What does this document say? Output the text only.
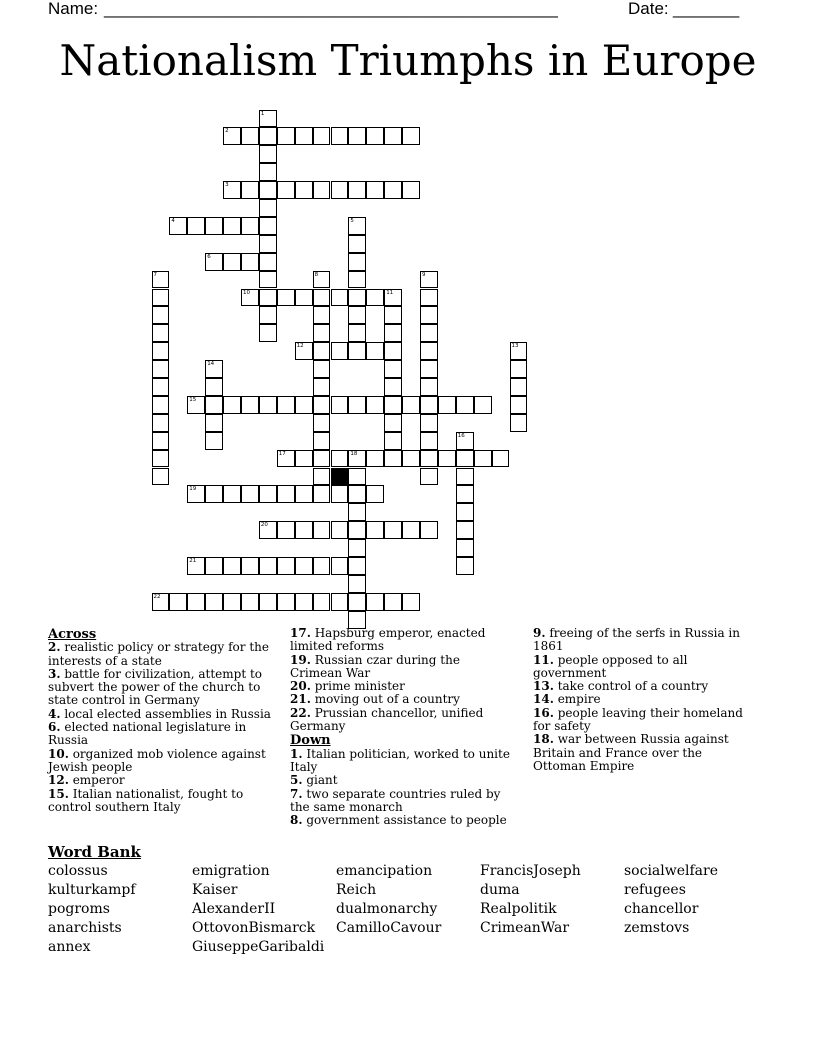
Name: ________________________________________________	Date: _______
Nationalism Triumphs in Europe
1
2
3
4	5
6
7	8	9
10	11
12	13
14
15
16
17	18
19
20
21
22
Across
2. realistic policy or strategy for the interests of a state
3. battle for civilization, attempt to subvert the power of the church to state control in Germany
4. local elected assemblies in Russia
6. elected national legislature in Russia
10. organized mob violence against Jewish people
12. emperor
15. Italian nationalist, fought to control southern Italy
17. Hapsburg emperor, enacted limited reforms
19. Russian czar during the Crimean War
20. prime minister
21. moving out of a country
22. Prussian chancellor, unified Germany
Down
1. Italian politician, worked to unite Italy
5. giant
7. two separate countries ruled by the same monarch
8. government assistance to people
9. freeing of the serfs in Russia in 1861
11. people opposed to all government
13. take control of a country
14. empire
16. people leaving their homeland for safety
18. war between Russia against Britain and France over the Ottoman Empire
Word Bank
colossus
kulturkampf
pogroms
anarchists
annex
emigration
Kaiser
AlexanderII
OttovonBismarck
GiuseppeGaribaldi
emancipation
Reich
dualmonarchy
CamilloCavour
FrancisJoseph
duma
Realpolitik
CrimeanWar
socialwelfare
refugees
chancellor
zemstovs
